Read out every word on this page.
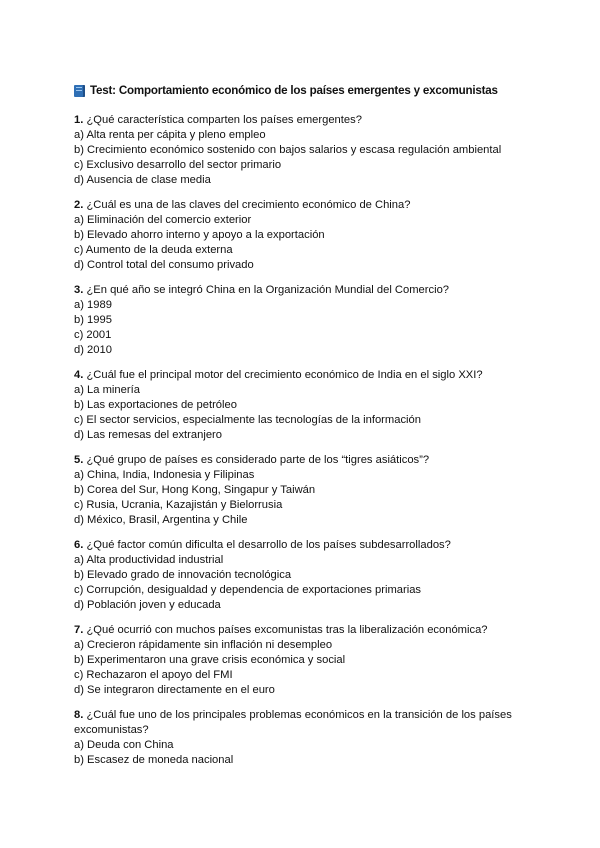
Test: Comportamiento económico de los países emergentes y excomunistas
1. ¿Qué característica comparten los países emergentes?
a) Alta renta per cápita y pleno empleo
b) Crecimiento económico sostenido con bajos salarios y escasa regulación ambiental
c) Exclusivo desarrollo del sector primario
d) Ausencia de clase media
2. ¿Cuál es una de las claves del crecimiento económico de China?
a) Eliminación del comercio exterior
b) Elevado ahorro interno y apoyo a la exportación
c) Aumento de la deuda externa
d) Control total del consumo privado
3. ¿En qué año se integró China en la Organización Mundial del Comercio?
a) 1989
b) 1995
c) 2001
d) 2010
4. ¿Cuál fue el principal motor del crecimiento económico de India en el siglo XXI?
a) La minería
b) Las exportaciones de petróleo
c) El sector servicios, especialmente las tecnologías de la información
d) Las remesas del extranjero
5. ¿Qué grupo de países es considerado parte de los “tigres asiáticos”?
a) China, India, Indonesia y Filipinas
b) Corea del Sur, Hong Kong, Singapur y Taiwán
c) Rusia, Ucrania, Kazajistán y Bielorrusia
d) México, Brasil, Argentina y Chile
6. ¿Qué factor común dificulta el desarrollo de los países subdesarrollados?
a) Alta productividad industrial
b) Elevado grado de innovación tecnológica
c) Corrupción, desigualdad y dependencia de exportaciones primarias
d) Población joven y educada
7. ¿Qué ocurrió con muchos países excomunistas tras la liberalización económica?
a) Crecieron rápidamente sin inflación ni desempleo
b) Experimentaron una grave crisis económica y social
c) Rechazaron el apoyo del FMI
d) Se integraron directamente en el euro
8. ¿Cuál fue uno de los principales problemas económicos en la transición de los países excomunistas?
a) Deuda con China
b) Escasez de moneda nacional
